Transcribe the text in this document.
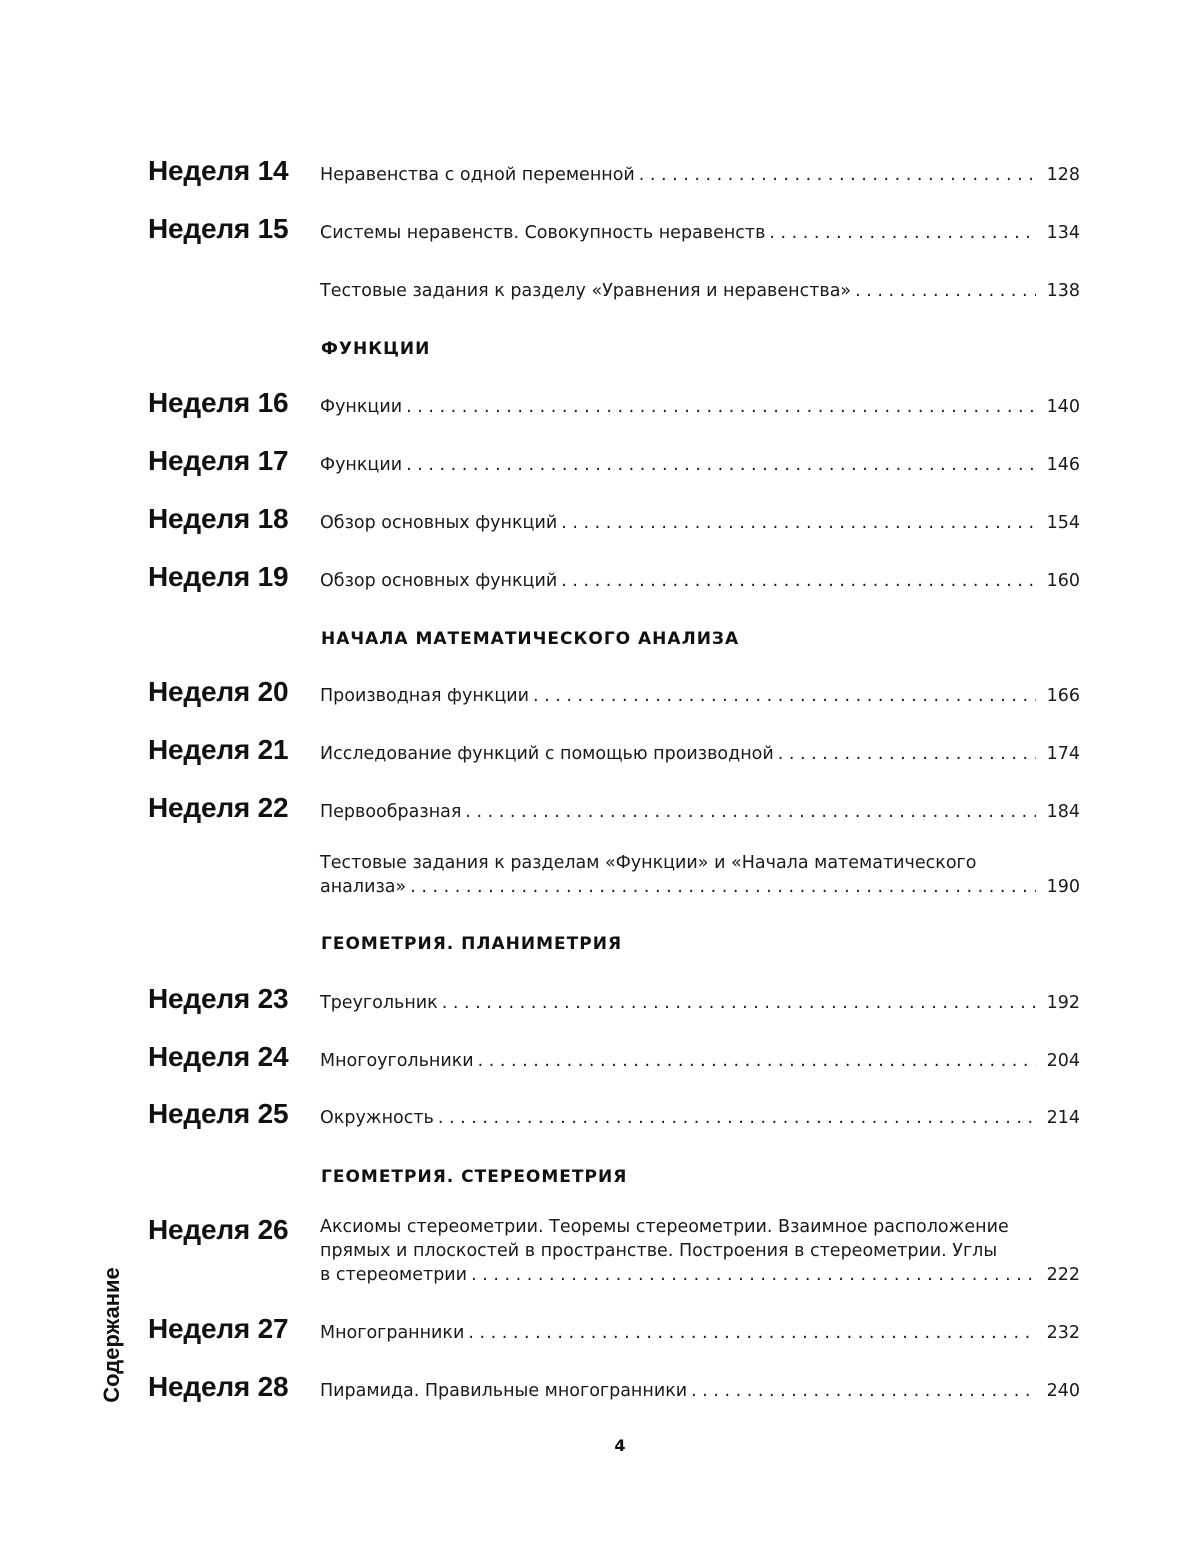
Неделя 14 Неравенства с одной переменной . . .	128
Неделя 15 Системы неравенств. Совокупность неравенств . . .	134
Тестовые задания к разделу «Уравнения и неравенства» . . .	138
ФУНКЦИИ
Неделя 16 Функции . . .	140
Неделя 17 Функции . . .	146
Неделя 18 Обзор основных функций . . .	154
Неделя 19 Обзор основных функций . . .	160
НАЧАЛА МАТЕМАТИЧЕСКОГО АНАЛИЗА
Неделя 20 Производная функции . . .	166
Неделя 21 Исследование функций с помощью производной . . .	174
Неделя 22 Первообразная . . .	184
Тестовые задания к разделам «Функции» и «Начала математического
анализа» . . .	190
ГЕОМЕТРИЯ. ПЛАНИМЕТРИЯ
Неделя 23 Треугольник . . .	192
Неделя 24 Многоугольники . . .	204
Неделя 25 Окружность . . .	214
ГЕОМЕТРИЯ. СТЕРЕОМЕТРИЯ
Неделя 26 Аксиомы стереометрии. Теоремы стереометрии. Взаимное расположение
прямых и плоскостей в пространстве. Построения в стереометрии. Углы
в стереометрии . . .	222
Неделя 27 Многогранники . . .	232
Неделя 28 Пирамида. Правильные многогранники . . .	240
Содержание
4
